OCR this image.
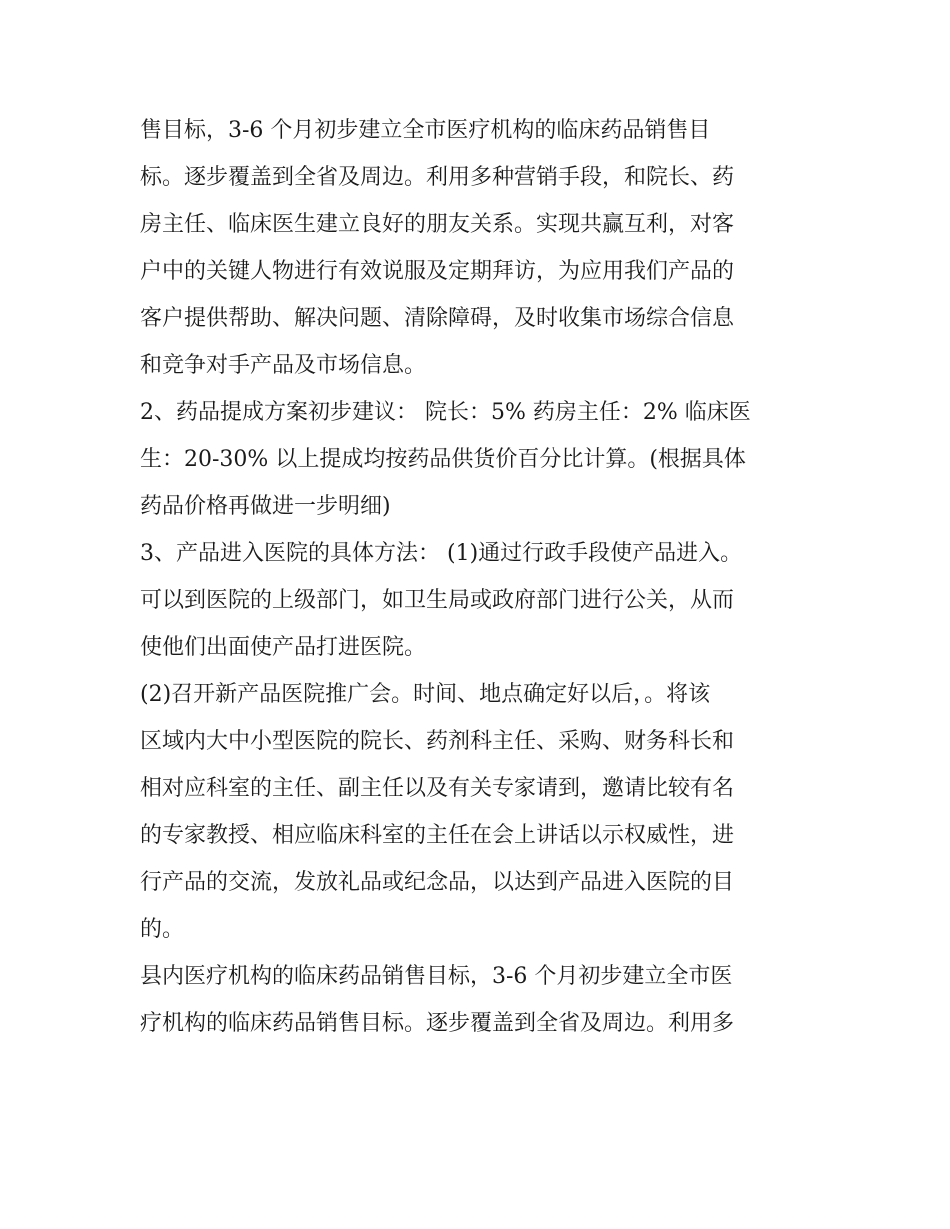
售目标，3-6 个月初步建立全市医疗机构的临床药品销售目
标。逐步覆盖到全省及周边。利用多种营销手段，和院长、药
房主任、临床医生建立良好的朋友关系。实现共赢互利，对客
户中的关键人物进行有效说服及定期拜访，为应用我们产品的
客户提供帮助、解决问题、清除障碍，及时收集市场综合信息
和竞争对手产品及市场信息。
2、药品提成方案初步建议： 院长：5% 药房主任：2% 临床医
生：20-30% 以上提成均按药品供货价百分比计算。(根据具体
药品价格再做进一步明细)
3、产品进入医院的具体方法： (1)通过行政手段使产品进入。
可以到医院的上级部门，如卫生局或政府部门进行公关，从而
使他们出面使产品打进医院。
(2)召开新产品医院推广会。时间、地点确定好以后，。将该
区域内大中小型医院的院长、药剂科主任、采购、财务科长和
相对应科室的主任、副主任以及有关专家请到，邀请比较有名
的专家教授、相应临床科室的主任在会上讲话以示权威性，进
行产品的交流，发放礼品或纪念品，以达到产品进入医院的目
的。
县内医疗机构的临床药品销售目标，3-6 个月初步建立全市医
疗机构的临床药品销售目标。逐步覆盖到全省及周边。利用多
